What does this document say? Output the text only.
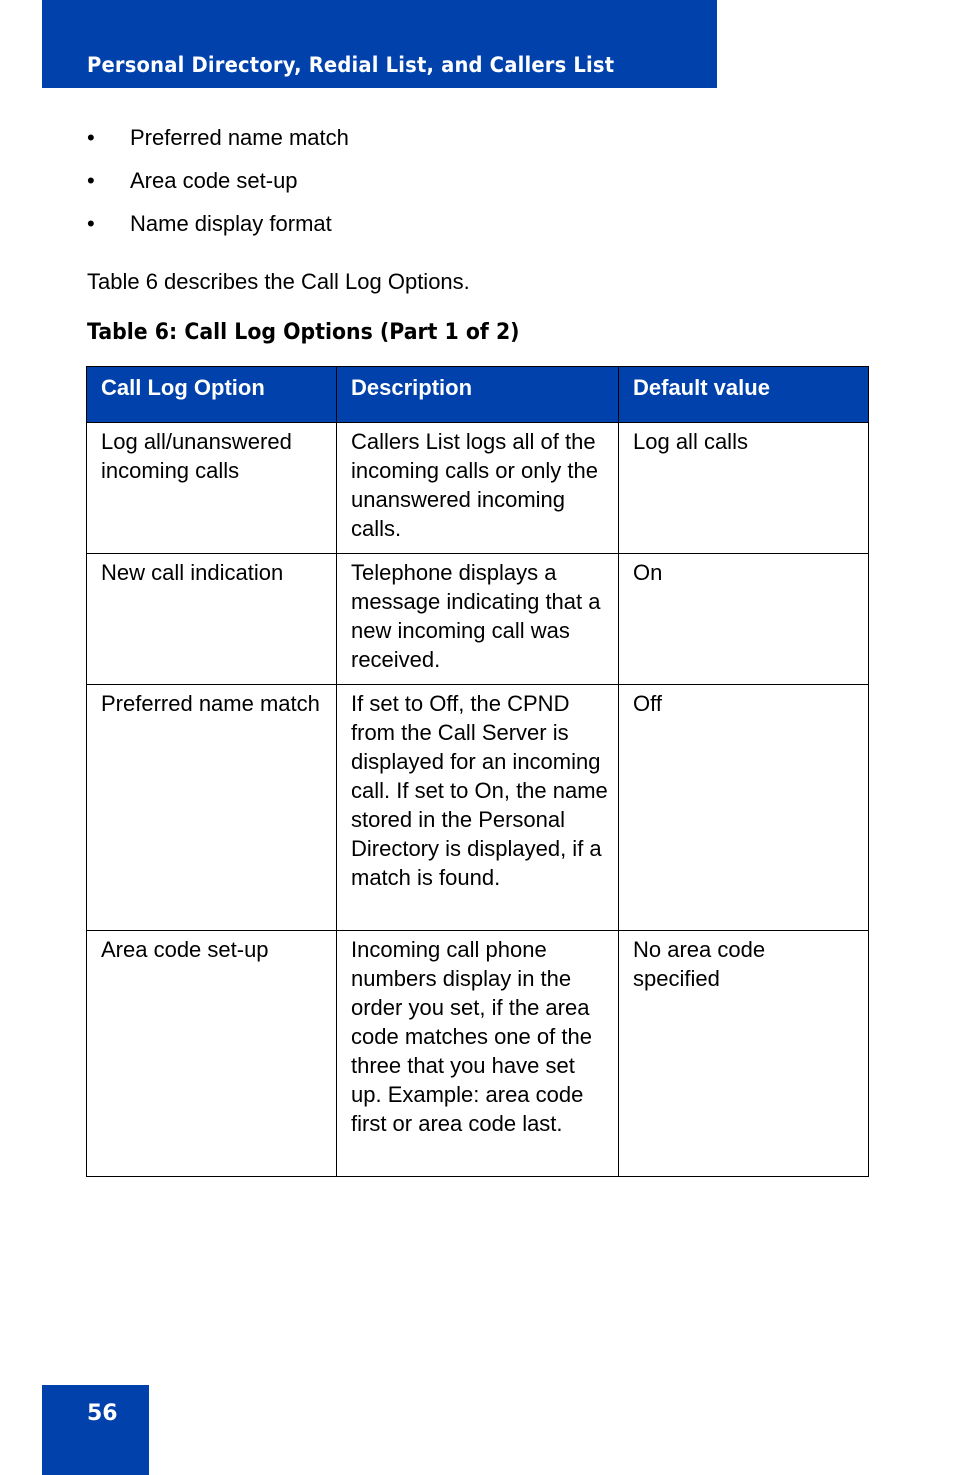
Personal Directory, Redial List, and Callers List
• Preferred name match
• Area code set-up
• Name display format
Table 6 describes the Call Log Options.
Table 6: Call Log Options (Part 1 of 2)
Call Log Option	Description	Default value
Log all/unanswered incoming calls	Callers List logs all of the incoming calls or only the unanswered incoming calls.	Log all calls
New call indication	Telephone displays a message indicating that a new incoming call was received.	On
Preferred name match	If set to Off, the CPND from the Call Server is displayed for an incoming call. If set to On, the name stored in the Personal Directory is displayed, if a match is found.	Off
Area code set-up	Incoming call phone numbers display in the order you set, if the area code matches one of the three that you have set up. Example: area code first or area code last.	No area code specified
56
